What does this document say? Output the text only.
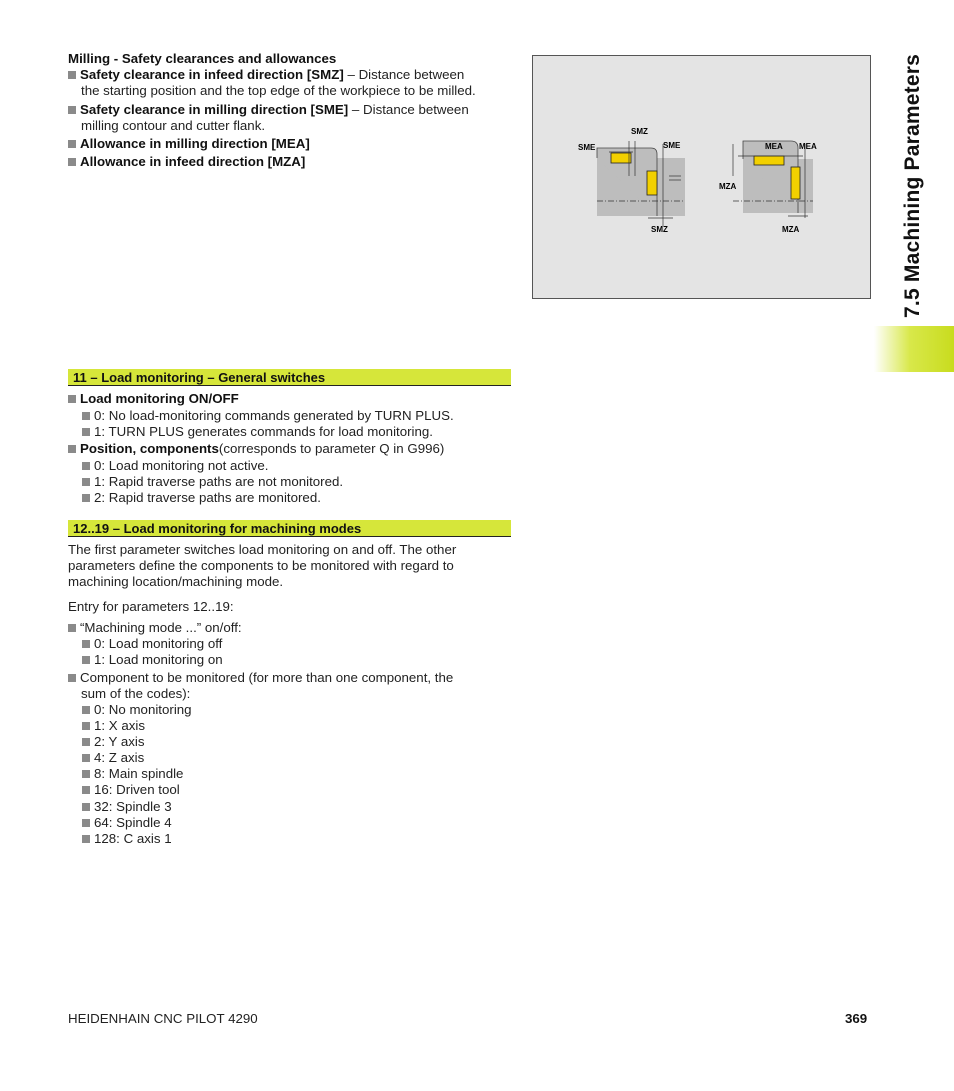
Milling - Safety clearances and allowances
Safety clearance in infeed direction [SMZ] – Distance between
the starting position and the top edge of the workpiece to be milled.
Safety clearance in milling direction [SME] – Distance between
milling contour and cutter flank.
Allowance in milling direction [MEA]
Allowance in infeed direction [MZA]
SME
SMZ
SME
SMZ
MEA MEA
MZA
MZA	7.5 Machining Parameters
11 – Load monitoring – General switches
Load monitoring ON/OFF
0: No load-monitoring commands generated by TURN PLUS.
1: TURN PLUS generates commands for load monitoring.
Position, components(corresponds to parameter Q in G996)
0: Load monitoring not active.
1: Rapid traverse paths are not monitored.
2: Rapid traverse paths are monitored.
12..19 – Load monitoring for machining modes
The first parameter switches load monitoring on and off. The other
parameters define the components to be monitored with regard to
machining location/machining mode.
Entry for parameters 12..19:
“Machining mode ...” on/off:
0: Load monitoring off
1: Load monitoring on
Component to be monitored (for more than one component, the
sum of the codes):
0: No monitoring
1: X axis
2: Y axis
4: Z axis
8: Main spindle
16: Driven tool
32: Spindle 3
64: Spindle 4
128: C axis 1
HEIDENHAIN CNC PILOT 4290	369
